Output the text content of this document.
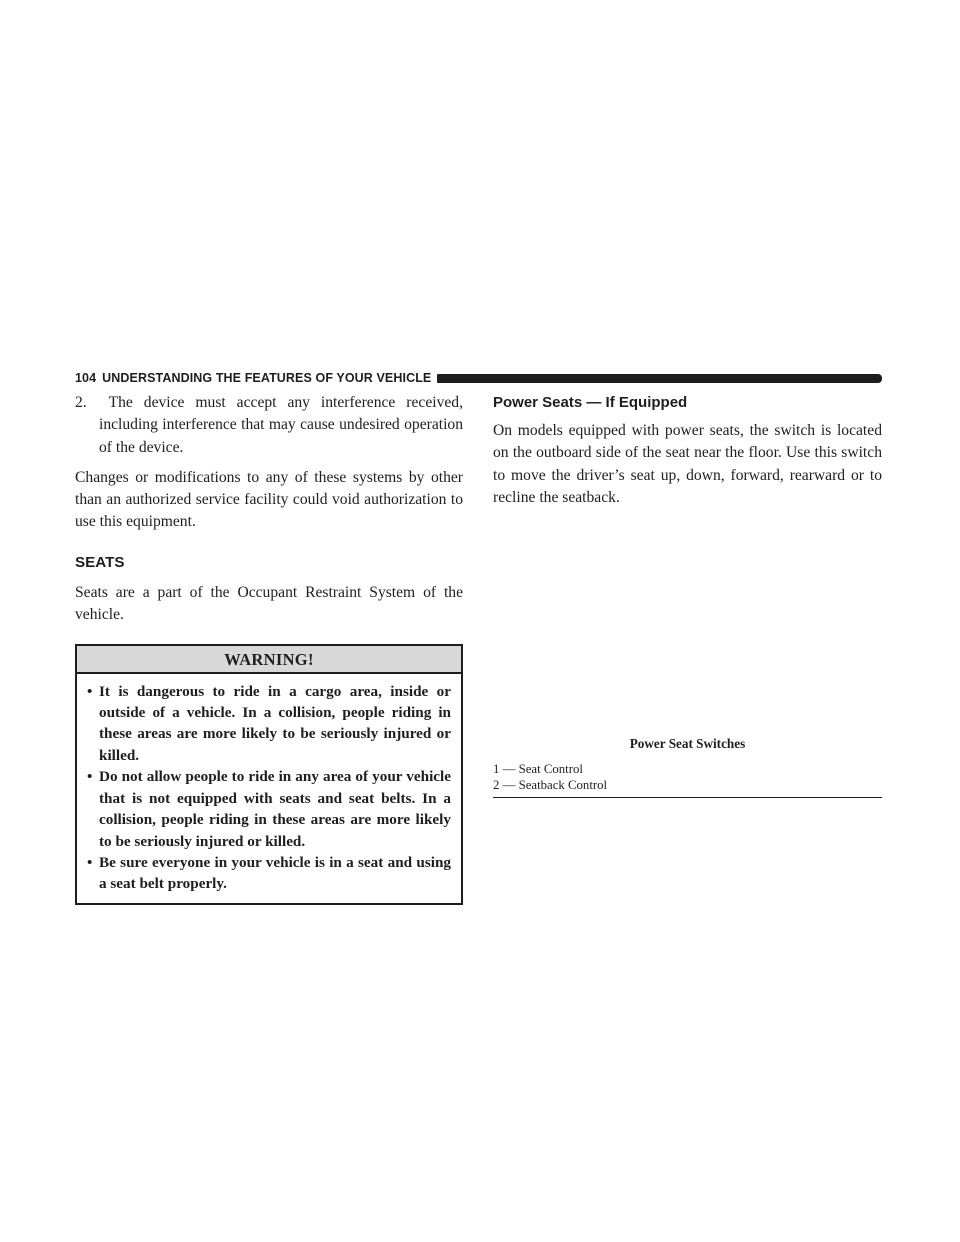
104 UNDERSTANDING THE FEATURES OF YOUR VEHICLE

2. The device must accept any interference received, including interference that may cause undesired operation of the device.

Changes or modifications to any of these systems by other than an authorized service facility could void authorization to use this equipment.

SEATS

Seats are a part of the Occupant Restraint System of the vehicle.

WARNING!

• It is dangerous to ride in a cargo area, inside or outside of a vehicle. In a collision, people riding in these areas are more likely to be seriously injured or killed.

• Do not allow people to ride in any area of your vehicle that is not equipped with seats and seat belts. In a collision, people riding in these areas are more likely to be seriously injured or killed.

• Be sure everyone in your vehicle is in a seat and using a seat belt properly.

Power Seats — If Equipped

On models equipped with power seats, the switch is located on the outboard side of the seat near the floor. Use this switch to move the driver’s seat up, down, forward, rearward or to recline the seatback.

Power Seat Switches

1 — Seat Control
2 — Seatback Control
